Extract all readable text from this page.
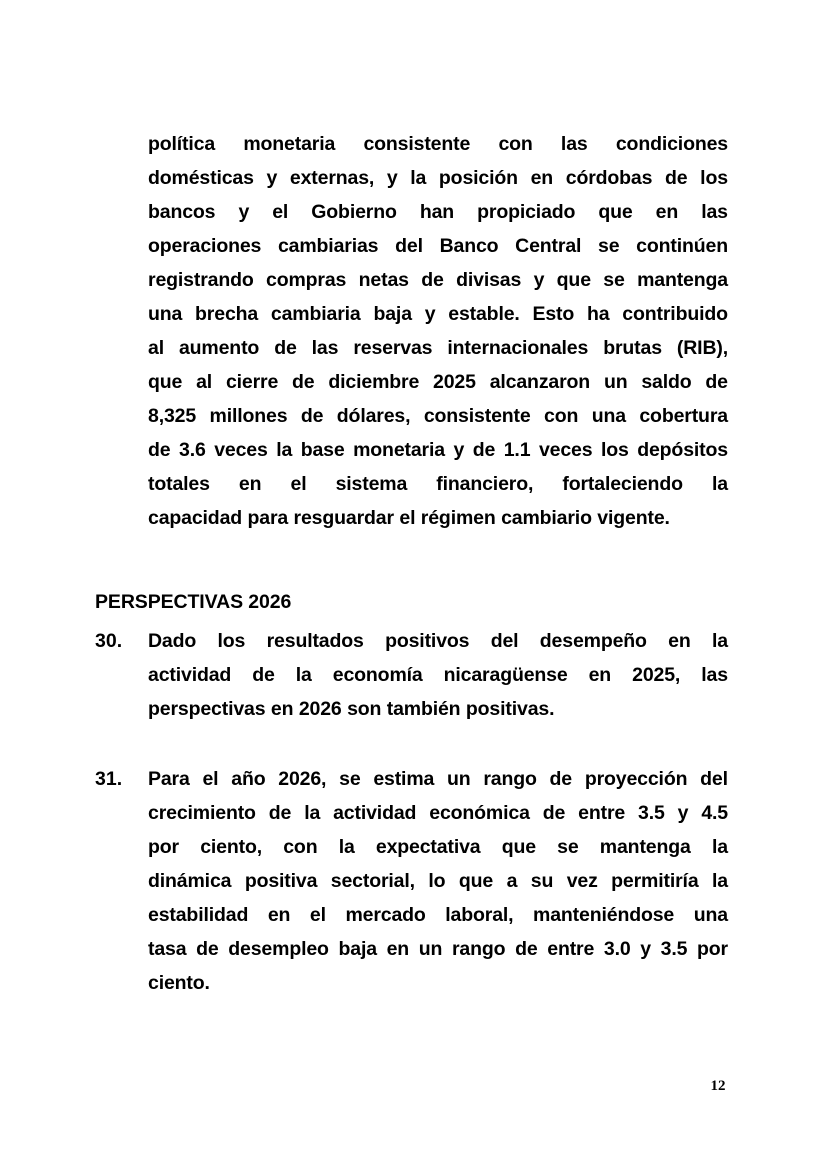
política monetaria consistente con las condiciones
domésticas y externas, y la posición en córdobas de los
bancos y el Gobierno han propiciado que en las
operaciones cambiarias del Banco Central se continúen
registrando compras netas de divisas y que se mantenga
una brecha cambiaria baja y estable. Esto ha contribuido
al aumento de las reservas internacionales brutas (RIB),
que al cierre de diciembre 2025 alcanzaron un saldo de
8,325 millones de dólares, consistente con una cobertura
de 3.6 veces la base monetaria y de 1.1 veces los depósitos
totales en el sistema financiero, fortaleciendo la
capacidad para resguardar el régimen cambiario vigente.
PERSPECTIVAS 2026
30.	Dado los resultados positivos del desempeño en la
actividad de la economía nicaragüense en 2025, las
perspectivas en 2026 son también positivas.
31.	Para el año 2026, se estima un rango de proyección del
crecimiento de la actividad económica de entre 3.5 y 4.5
por ciento, con la expectativa que se mantenga la
dinámica positiva sectorial, lo que a su vez permitiría la
estabilidad en el mercado laboral, manteniéndose una
tasa de desempleo baja en un rango de entre 3.0 y 3.5 por
ciento.
12
